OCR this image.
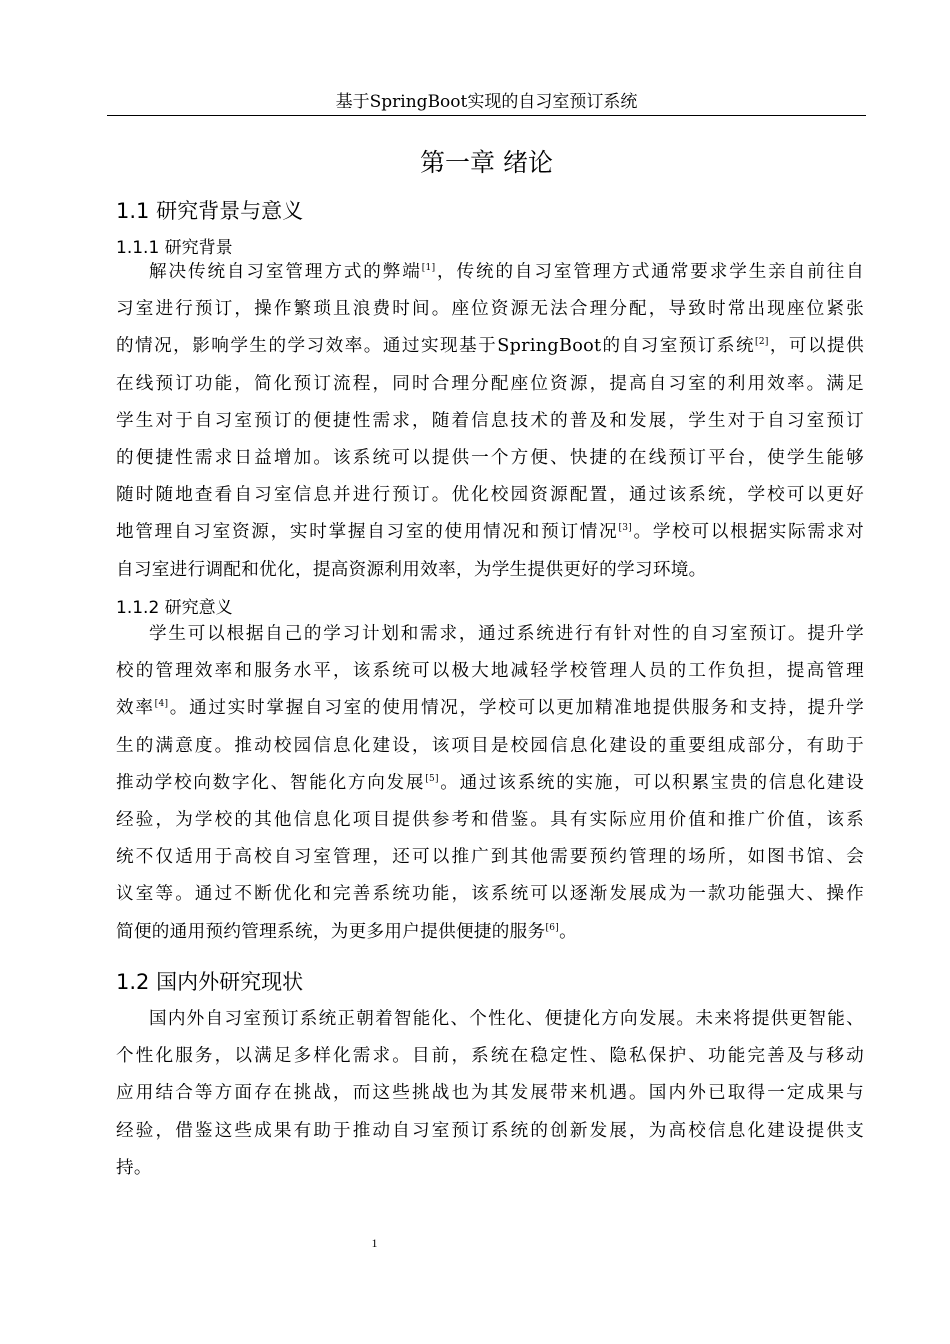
基于SpringBoot实现的自习室预订系统
第一章 绪论
1.1 研究背景与意义
1.1.1 研究背景
解决传统自习室管理方式的弊端[1]，传统的自习室管理方式通常要求学生亲自前往自
习室进行预订，操作繁琐且浪费时间。座位资源无法合理分配，导致时常出现座位紧张
的情况，影响学生的学习效率。通过实现基于SpringBoot的自习室预订系统[2]，可以提供
在线预订功能，简化预订流程，同时合理分配座位资源，提高自习室的利用效率。满足
学生对于自习室预订的便捷性需求，随着信息技术的普及和发展，学生对于自习室预订
的便捷性需求日益增加。该系统可以提供一个方便、快捷的在线预订平台，使学生能够
随时随地查看自习室信息并进行预订。优化校园资源配置，通过该系统，学校可以更好
地管理自习室资源，实时掌握自习室的使用情况和预订情况[3]。学校可以根据实际需求对
自习室进行调配和优化，提高资源利用效率，为学生提供更好的学习环境。
1.1.2 研究意义
学生可以根据自己的学习计划和需求，通过系统进行有针对性的自习室预订。提升学
校的管理效率和服务水平，该系统可以极大地减轻学校管理人员的工作负担，提高管理
效率[4]。通过实时掌握自习室的使用情况，学校可以更加精准地提供服务和支持，提升学
生的满意度。推动校园信息化建设，该项目是校园信息化建设的重要组成部分，有助于
推动学校向数字化、智能化方向发展[5]。通过该系统的实施，可以积累宝贵的信息化建设
经验，为学校的其他信息化项目提供参考和借鉴。具有实际应用价值和推广价值，该系
统不仅适用于高校自习室管理，还可以推广到其他需要预约管理的场所，如图书馆、会
议室等。通过不断优化和完善系统功能，该系统可以逐渐发展成为一款功能强大、操作
简便的通用预约管理系统，为更多用户提供便捷的服务[6]。
1.2 国内外研究现状
国内外自习室预订系统正朝着智能化、个性化、便捷化方向发展。未来将提供更智能、
个性化服务，以满足多样化需求。目前，系统在稳定性、隐私保护、功能完善及与移动
应用结合等方面存在挑战，而这些挑战也为其发展带来机遇。国内外已取得一定成果与
经验，借鉴这些成果有助于推动自习室预订系统的创新发展，为高校信息化建设提供支
持。
1
